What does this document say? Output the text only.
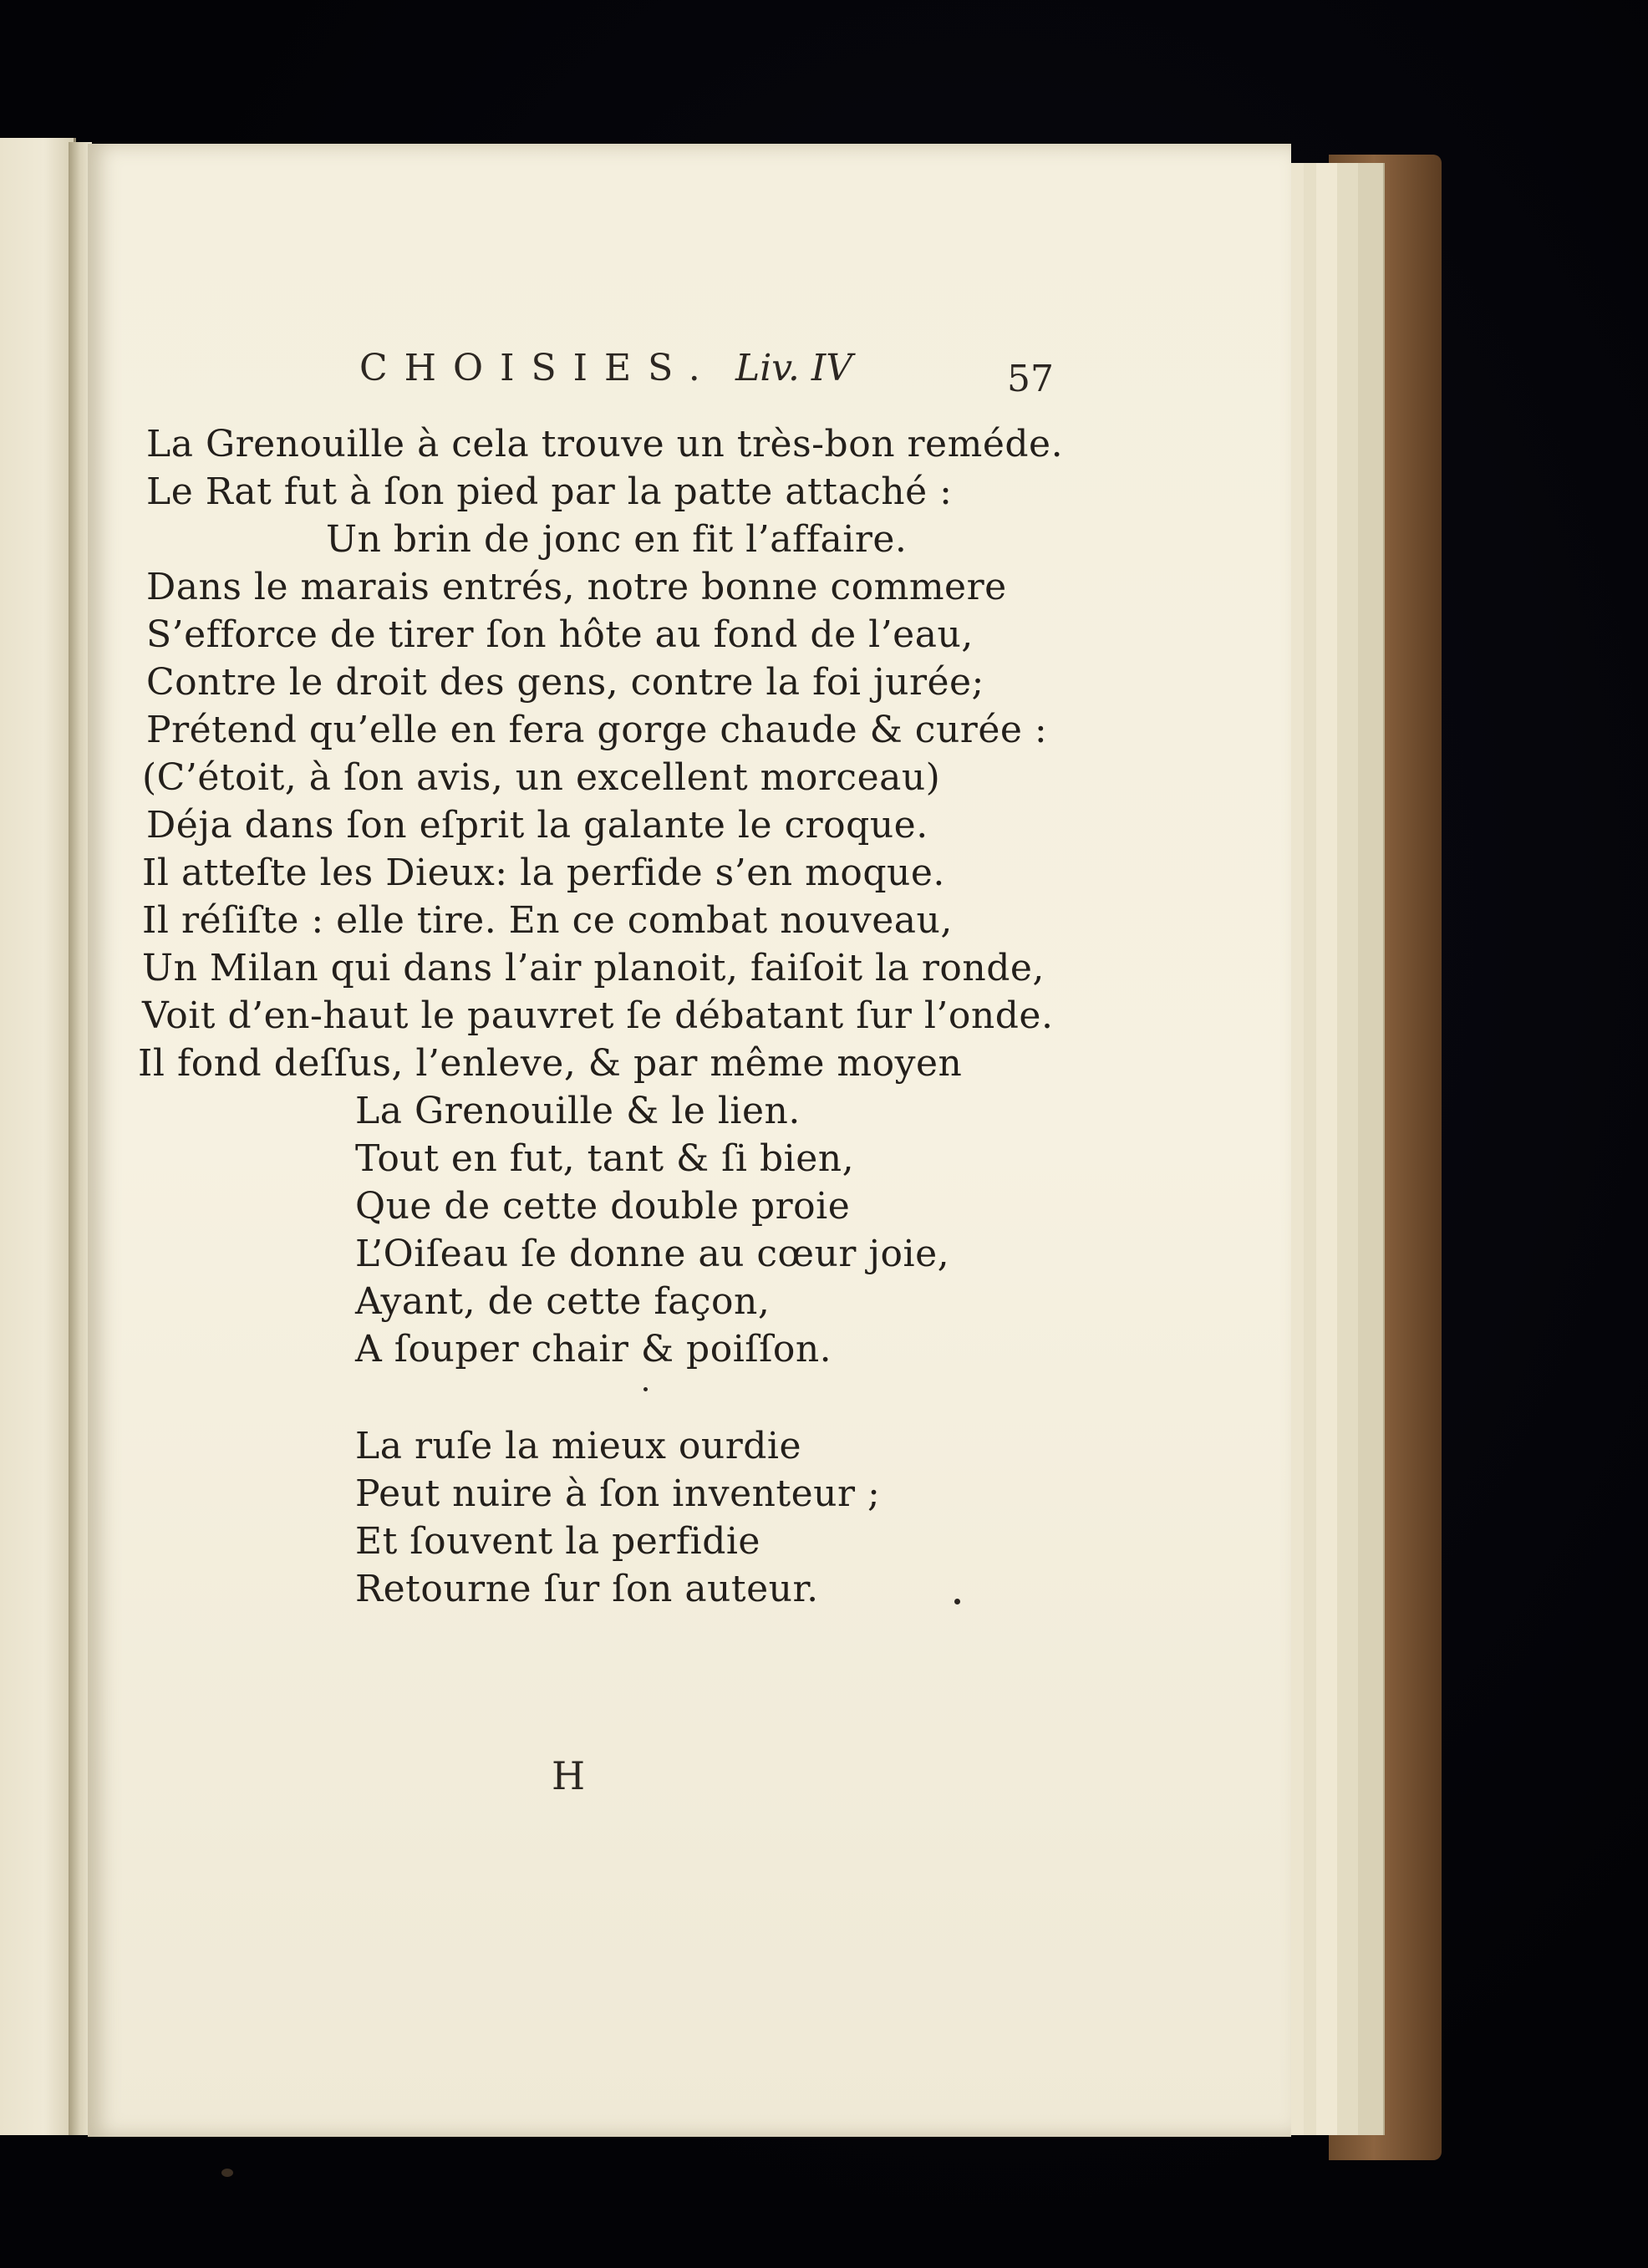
CHOISIES. Liv. IV	57
La Grenouille à cela trouve un très-bon reméde.
Le Rat fut à ſon pied par la patte attaché :
Un brin de jonc en fit l’affaire.
Dans le marais entrés, notre bonne commere
S’efforce de tirer ſon hôte au fond de l’eau,
Contre le droit des gens, contre la foi jurée;
Prétend qu’elle en fera gorge chaude & curée :
(C’étoit, à ſon avis, un excellent morceau)
Déja dans ſon eſprit la galante le croque.
Il atteſte les Dieux: la perfide s’en moque.
Il réſiſte : elle tire. En ce combat nouveau,
Un Milan qui dans l’air planoit, faiſoit la ronde,
Voit d’en-haut le pauvret ſe débatant ſur l’onde.
Il fond deſſus, l’enleve, & par même moyen
La Grenouille & le lien.
Tout en fut, tant & ſi bien,
Que de cette double proie
L’Oiſeau ſe donne au cœur joie,
Ayant, de cette façon,
A ſouper chair & poiſſon.
La ruſe la mieux ourdie
Peut nuire à ſon inventeur ;
Et ſouvent la perfidie
Retourne ſur ſon auteur.
H
